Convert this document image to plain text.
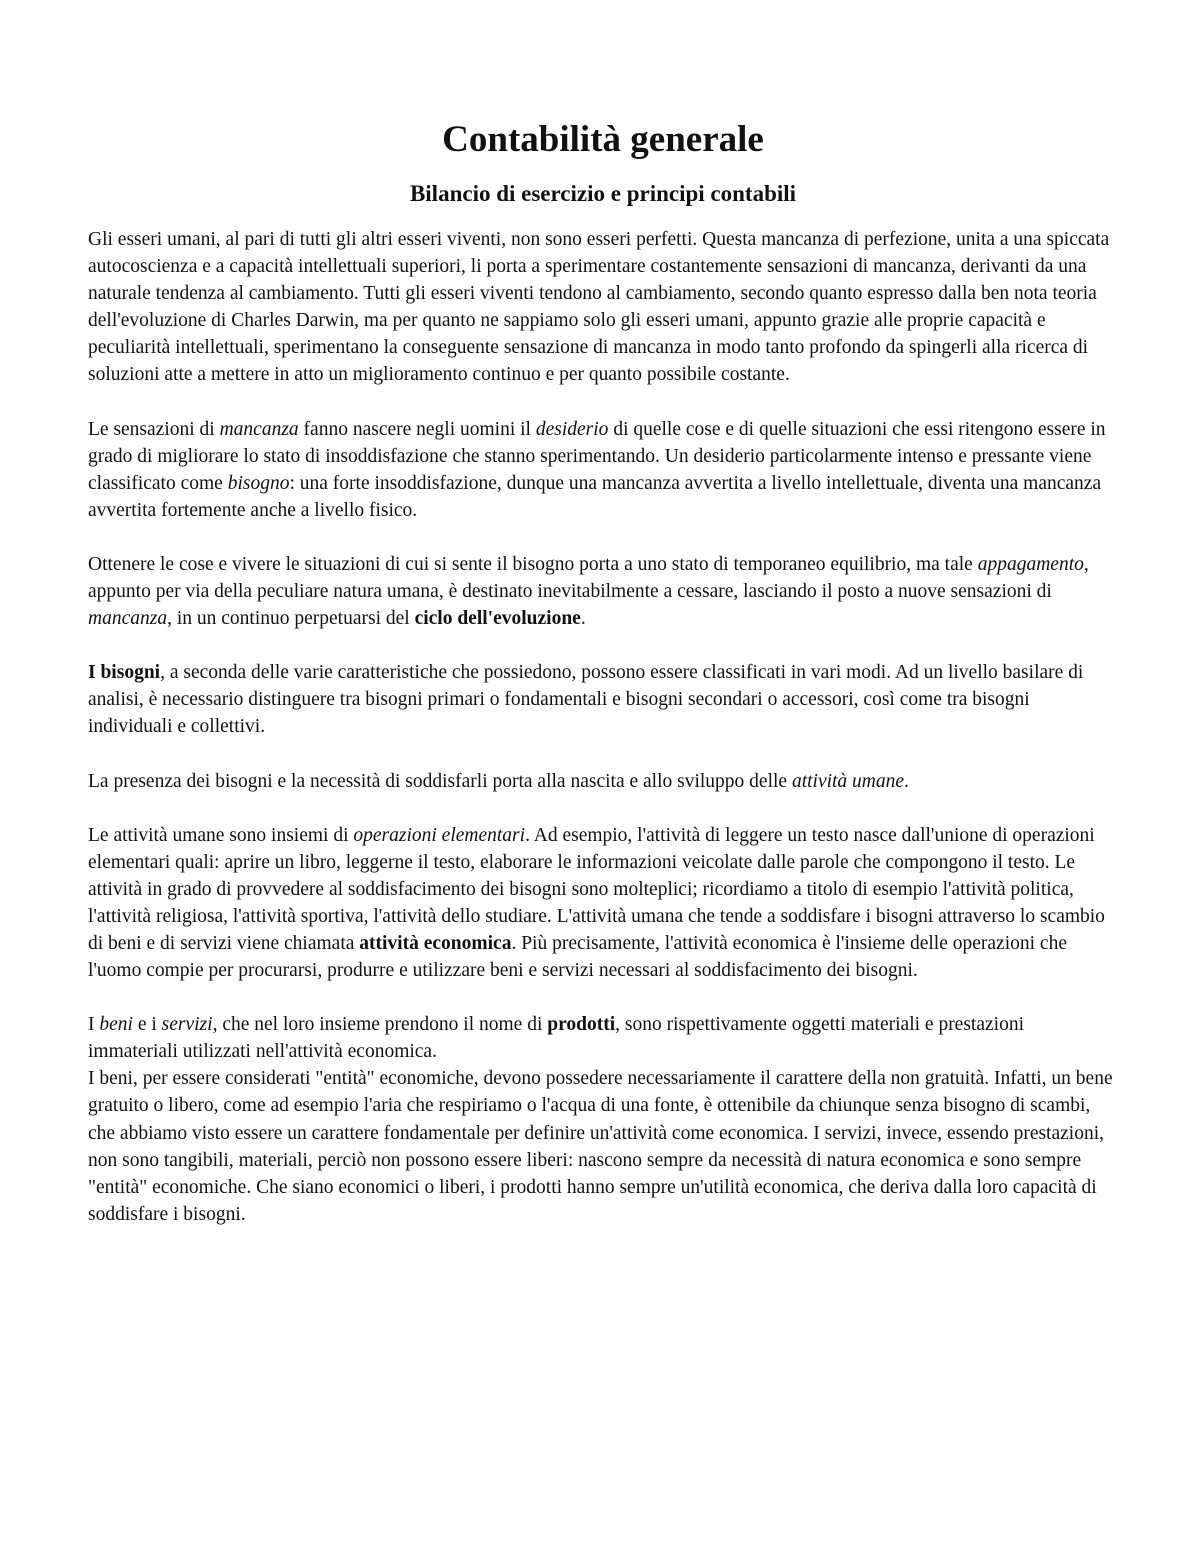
Contabilità generale
Bilancio di esercizio e principi contabili

Gli esseri umani, al pari di tutti gli altri esseri viventi, non sono esseri perfetti. Questa mancanza di perfezione, unita a una spiccata autocoscienza e a capacità intellettuali superiori, li porta a sperimentare costantemente sensazioni di mancanza, derivanti da una naturale tendenza al cambiamento. Tutti gli esseri viventi tendono al cambiamento, secondo quanto espresso dalla ben nota teoria dell'evoluzione di Charles Darwin, ma per quanto ne sappiamo solo gli esseri umani, appunto grazie alle proprie capacità e peculiarità intellettuali, sperimentano la conseguente sensazione di mancanza in modo tanto profondo da spingerli alla ricerca di soluzioni atte a mettere in atto un miglioramento continuo e per quanto possibile costante.

Le sensazioni di mancanza fanno nascere negli uomini il desiderio di quelle cose e di quelle situazioni che essi ritengono essere in grado di migliorare lo stato di insoddisfazione che stanno sperimentando. Un desiderio particolarmente intenso e pressante viene classificato come bisogno: una forte insoddisfazione, dunque una mancanza avvertita a livello intellettuale, diventa una mancanza avvertita fortemente anche a livello fisico.

Ottenere le cose e vivere le situazioni di cui si sente il bisogno porta a uno stato di temporaneo equilibrio, ma tale appagamento, appunto per via della peculiare natura umana, è destinato inevitabilmente a cessare, lasciando il posto a nuove sensazioni di mancanza, in un continuo perpetuarsi del ciclo dell'evoluzione.

I bisogni, a seconda delle varie caratteristiche che possiedono, possono essere classificati in vari modi. Ad un livello basilare di analisi, è necessario distinguere tra bisogni primari o fondamentali e bisogni secondari o accessori, così come tra bisogni individuali e collettivi.

La presenza dei bisogni e la necessità di soddisfarli porta alla nascita e allo sviluppo delle attività umane.

Le attività umane sono insiemi di operazioni elementari. Ad esempio, l'attività di leggere un testo nasce dall'unione di operazioni elementari quali: aprire un libro, leggerne il testo, elaborare le informazioni veicolate dalle parole che compongono il testo. Le attività in grado di provvedere al soddisfacimento dei bisogni sono molteplici; ricordiamo a titolo di esempio l'attività politica, l'attività religiosa, l'attività sportiva, l'attività dello studiare. L'attività umana che tende a soddisfare i bisogni attraverso lo scambio di beni e di servizi viene chiamata attività economica. Più precisamente, l'attività economica è l'insieme delle operazioni che l'uomo compie per procurarsi, produrre e utilizzare beni e servizi necessari al soddisfacimento dei bisogni.

I beni e i servizi, che nel loro insieme prendono il nome di prodotti, sono rispettivamente oggetti materiali e prestazioni immateriali utilizzati nell'attività economica.

I beni, per essere considerati "entità" economiche, devono possedere necessariamente il carattere della non gratuità. Infatti, un bene gratuito o libero, come ad esempio l'aria che respiriamo o l'acqua di una fonte, è ottenibile da chiunque senza bisogno di scambi, che abbiamo visto essere un carattere fondamentale per definire un'attività come economica. I servizi, invece, essendo prestazioni, non sono tangibili, materiali, perciò non possono essere liberi: nascono sempre da necessità di natura economica e sono sempre "entità" economiche. Che siano economici o liberi, i prodotti hanno sempre un'utilità economica, che deriva dalla loro capacità di soddisfare i bisogni.
